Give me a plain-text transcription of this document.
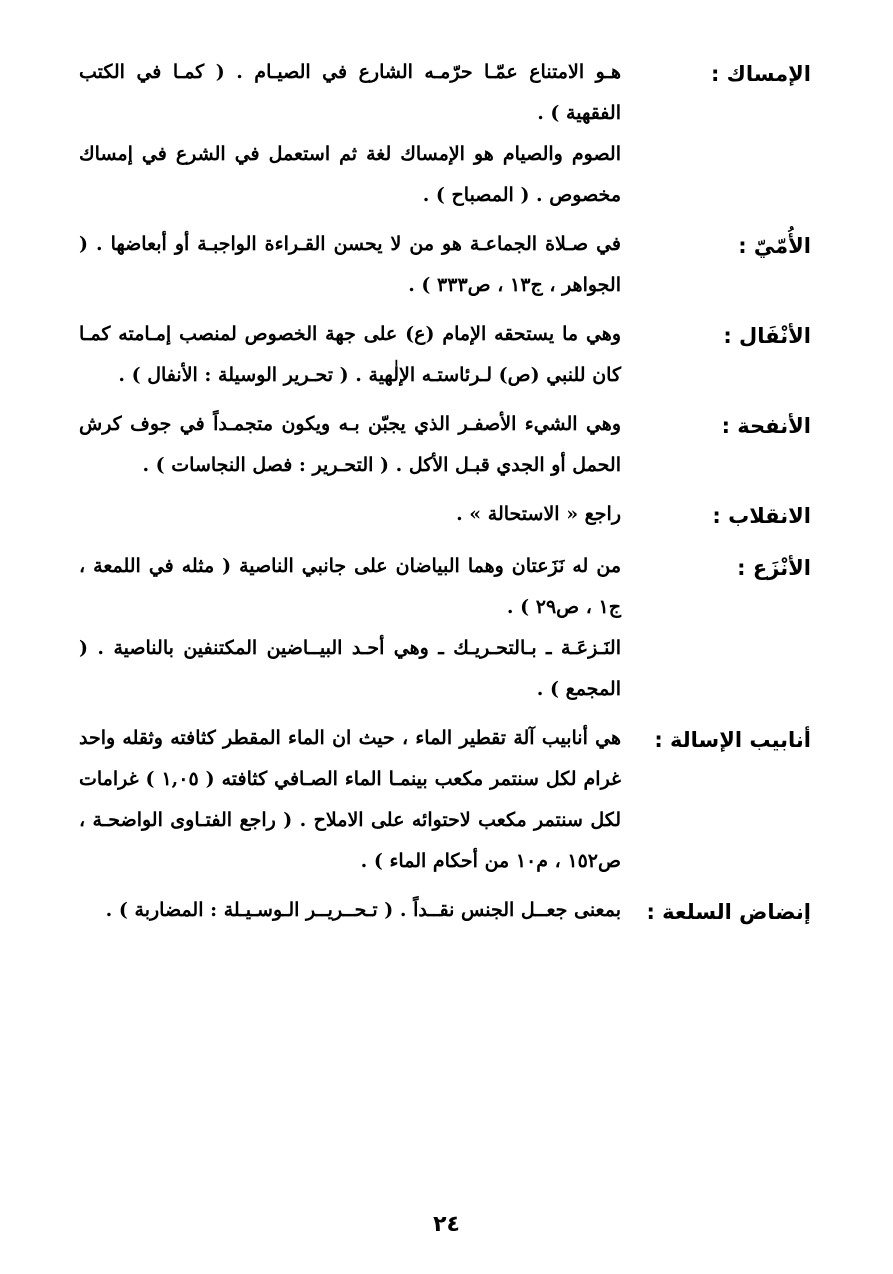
الإمساك :
هـو الامتناع عمّـا حرّمـه الشارع في الصيـام . ( كمـا في الكتب الفقهية ) .
الصوم والصيام هو الإمساك لغة ثم استعمل في الشرع في إمساك مخصوص . ( المصباح ) .
الأُمّيّ :
في صـلاة الجماعـة هو من لا يحسن القـراءة الواجبـة أو أبعاضها . ( الجواهر ، ج١٣ ، ص٣٣٣ ) .
الأنْفَال :
وهي ما يستحقه الإمام (ع) على جهة الخصوص لمنصب إمـامته كمـا كان للنبي (ص) لـرئاستـه الإلٰهية . ( تحـرير الوسيلة : الأنفال ) .
الأنفحة :
وهي الشيء الأصفـر الذي يجبّن بـه ويكون متجمـداً في جوف كرش الحمل أو الجدي قبـل الأكل . ( التحـرير : فصل النجاسات ) .
الانقلاب :
راجع « الاستحالة » .
الأنْزَع :
من له نَزَعتان وهما البياضان على جانبي الناصية ( مثله في اللمعة ، ج١ ، ص٢٩ ) .
النَـزعَـة ـ بـالتحـريـك ـ وهي أحـد البيــاضين المكتنفين بالناصية . ( المجمع ) .
أنابيب الإسالة :
هي أنابيب آلة تقطير الماء ، حيث ان الماء المقطر كثافته وثقله واحد غرام لكل سنتمر مكعب بينمـا الماء الصـافي كثافته ( ١,٠٥ ) غرامات لكل سنتمر مكعب لاحتوائه على الاملاح . ( راجع الفتـاوى الواضحـة ، ص١٥٢ ، م١٠ من أحكام الماء ) .
إنضاض السلعة :
بمعنى جعــل الجنس نقــداً . ( تـحــريــر الـوسـيـلة : المضاربة ) .
٢٤
